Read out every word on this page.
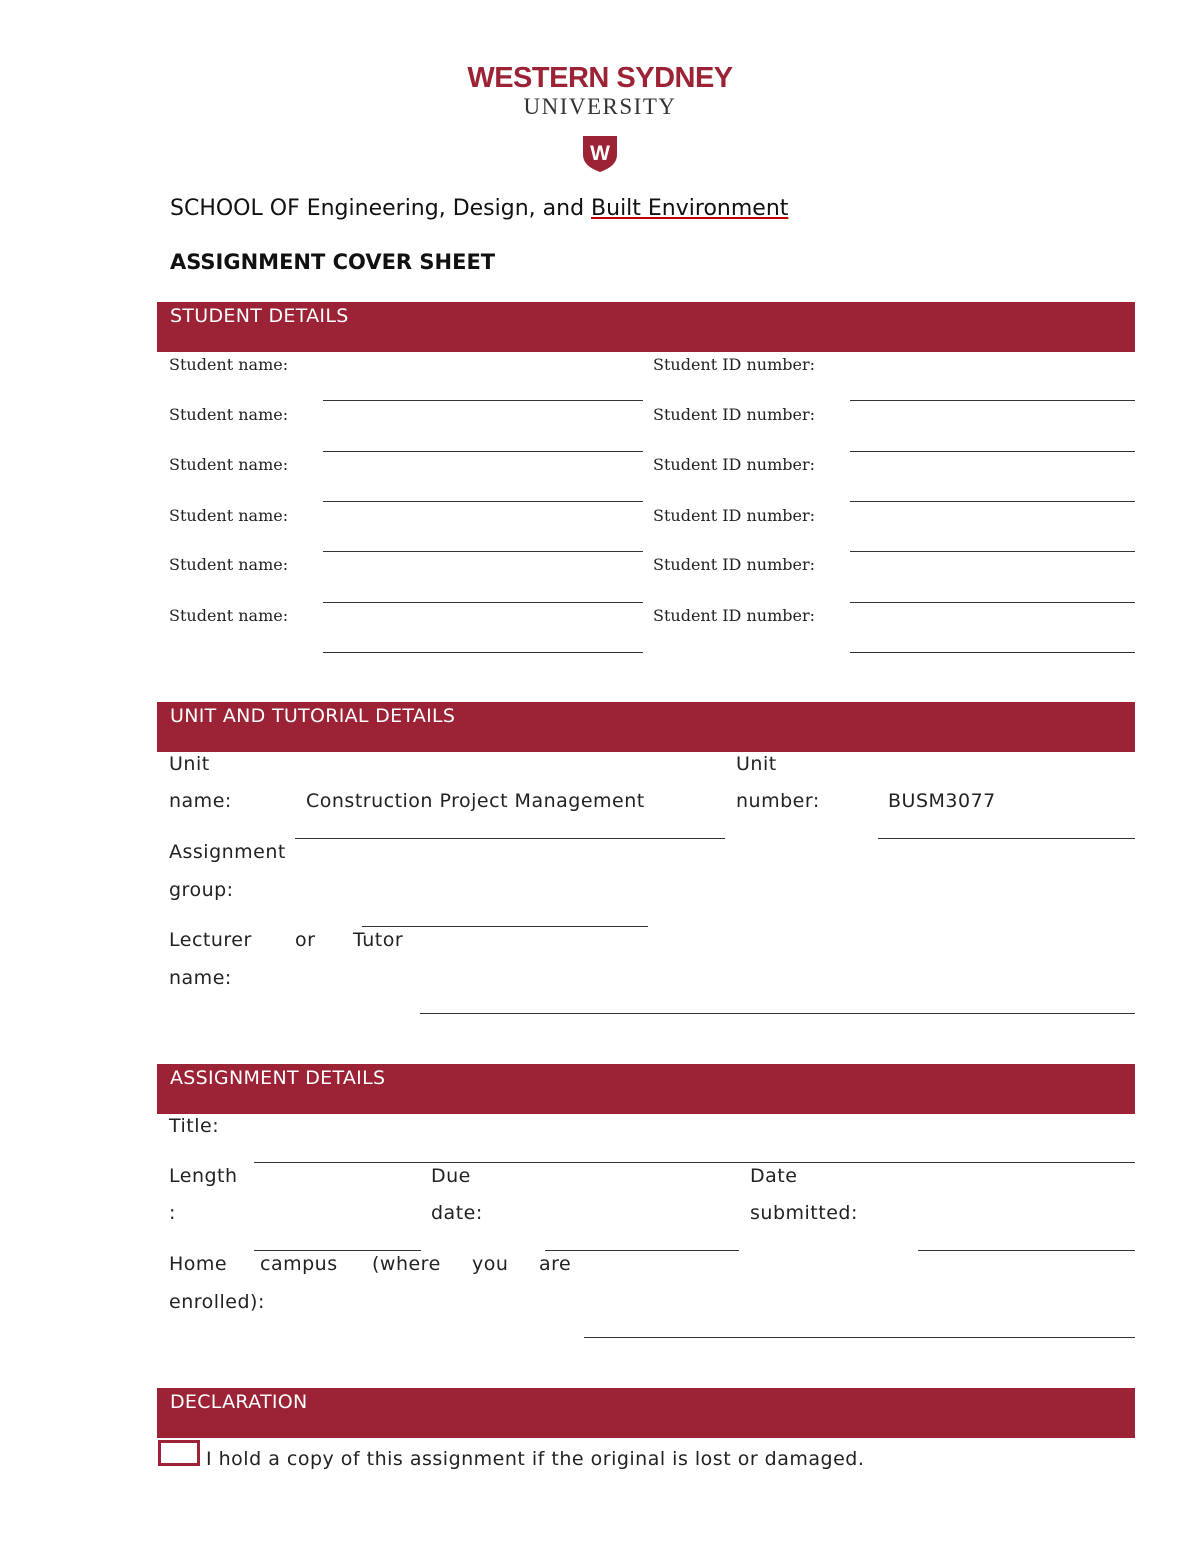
WESTERN SYDNEY
UNIVERSITY
W
SCHOOL OF Engineering, Design, and Built Environment
ASSIGNMENT COVER SHEET
STUDENT DETAILS
Student name:	Student ID number:
Student name:	Student ID number:
Student name:	Student ID number:
Student name:	Student ID number:
Student name:	Student ID number:
Student name:	Student ID number:
UNIT AND TUTORIAL DETAILS
Unit
name:	Construction Project Management
Unit
number:	BUSM3077
Assignment
group:
Lecturer or Tutor
name:
ASSIGNMENT DETAILS
Title:
Length
:
Due
date:
Date
submitted:
Home campus (where you are
enrolled):
DECLARATION
I hold a copy of this assignment if the original is lost or damaged.
